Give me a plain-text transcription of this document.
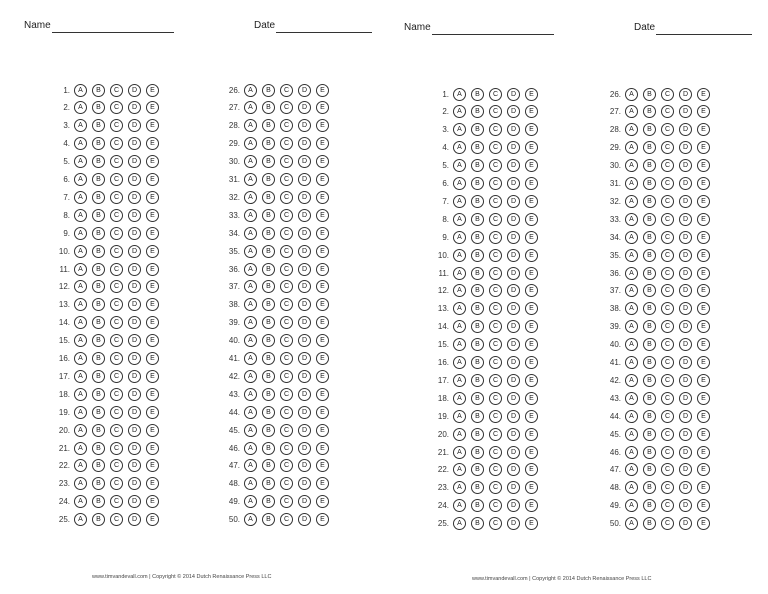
Name	Date
1.	A	B	C	D	E
2.	A	B	C	D	E
3.	A	B	C	D	E
4.	A	B	C	D	E
5.	A	B	C	D	E
6.	A	B	C	D	E
7.	A	B	C	D	E
8.	A	B	C	D	E
9.	A	B	C	D	E
10.	A	B	C	D	E
11.	A	B	C	D	E
12.	A	B	C	D	E
13.	A	B	C	D	E
14.	A	B	C	D	E
15.	A	B	C	D	E
16.	A	B	C	D	E
17.	A	B	C	D	E
18.	A	B	C	D	E
19.	A	B	C	D	E
20.	A	B	C	D	E
21.	A	B	C	D	E
22.	A	B	C	D	E
23.	A	B	C	D	E
24.	A	B	C	D	E
25.	A	B	C	D	E
26.	A	B	C	D	E
27.	A	B	C	D	E
28.	A	B	C	D	E
29.	A	B	C	D	E
30.	A	B	C	D	E
31.	A	B	C	D	E
32.	A	B	C	D	E
33.	A	B	C	D	E
34.	A	B	C	D	E
35.	A	B	C	D	E
36.	A	B	C	D	E
37.	A	B	C	D	E
38.	A	B	C	D	E
39.	A	B	C	D	E
40.	A	B	C	D	E
41.	A	B	C	D	E
42.	A	B	C	D	E
43.	A	B	C	D	E
44.	A	B	C	D	E
45.	A	B	C	D	E
46.	A	B	C	D	E
47.	A	B	C	D	E
48.	A	B	C	D	E
49.	A	B	C	D	E
50.	A	B	C	D	E
www.timvandevall.com | Copyright © 2014 Dutch Renaissance Press LLC
Name	Date
1.	A	B	C	D	E
2.	A	B	C	D	E
3.	A	B	C	D	E
4.	A	B	C	D	E
5.	A	B	C	D	E
6.	A	B	C	D	E
7.	A	B	C	D	E
8.	A	B	C	D	E
9.	A	B	C	D	E
10.	A	B	C	D	E
11.	A	B	C	D	E
12.	A	B	C	D	E
13.	A	B	C	D	E
14.	A	B	C	D	E
15.	A	B	C	D	E
16.	A	B	C	D	E
17.	A	B	C	D	E
18.	A	B	C	D	E
19.	A	B	C	D	E
20.	A	B	C	D	E
21.	A	B	C	D	E
22.	A	B	C	D	E
23.	A	B	C	D	E
24.	A	B	C	D	E
25.	A	B	C	D	E
26.	A	B	C	D	E
27.	A	B	C	D	E
28.	A	B	C	D	E
29.	A	B	C	D	E
30.	A	B	C	D	E
31.	A	B	C	D	E
32.	A	B	C	D	E
33.	A	B	C	D	E
34.	A	B	C	D	E
35.	A	B	C	D	E
36.	A	B	C	D	E
37.	A	B	C	D	E
38.	A	B	C	D	E
39.	A	B	C	D	E
40.	A	B	C	D	E
41.	A	B	C	D	E
42.	A	B	C	D	E
43.	A	B	C	D	E
44.	A	B	C	D	E
45.	A	B	C	D	E
46.	A	B	C	D	E
47.	A	B	C	D	E
48.	A	B	C	D	E
49.	A	B	C	D	E
50.	A	B	C	D	E
www.timvandevall.com | Copyright © 2014 Dutch Renaissance Press LLC
